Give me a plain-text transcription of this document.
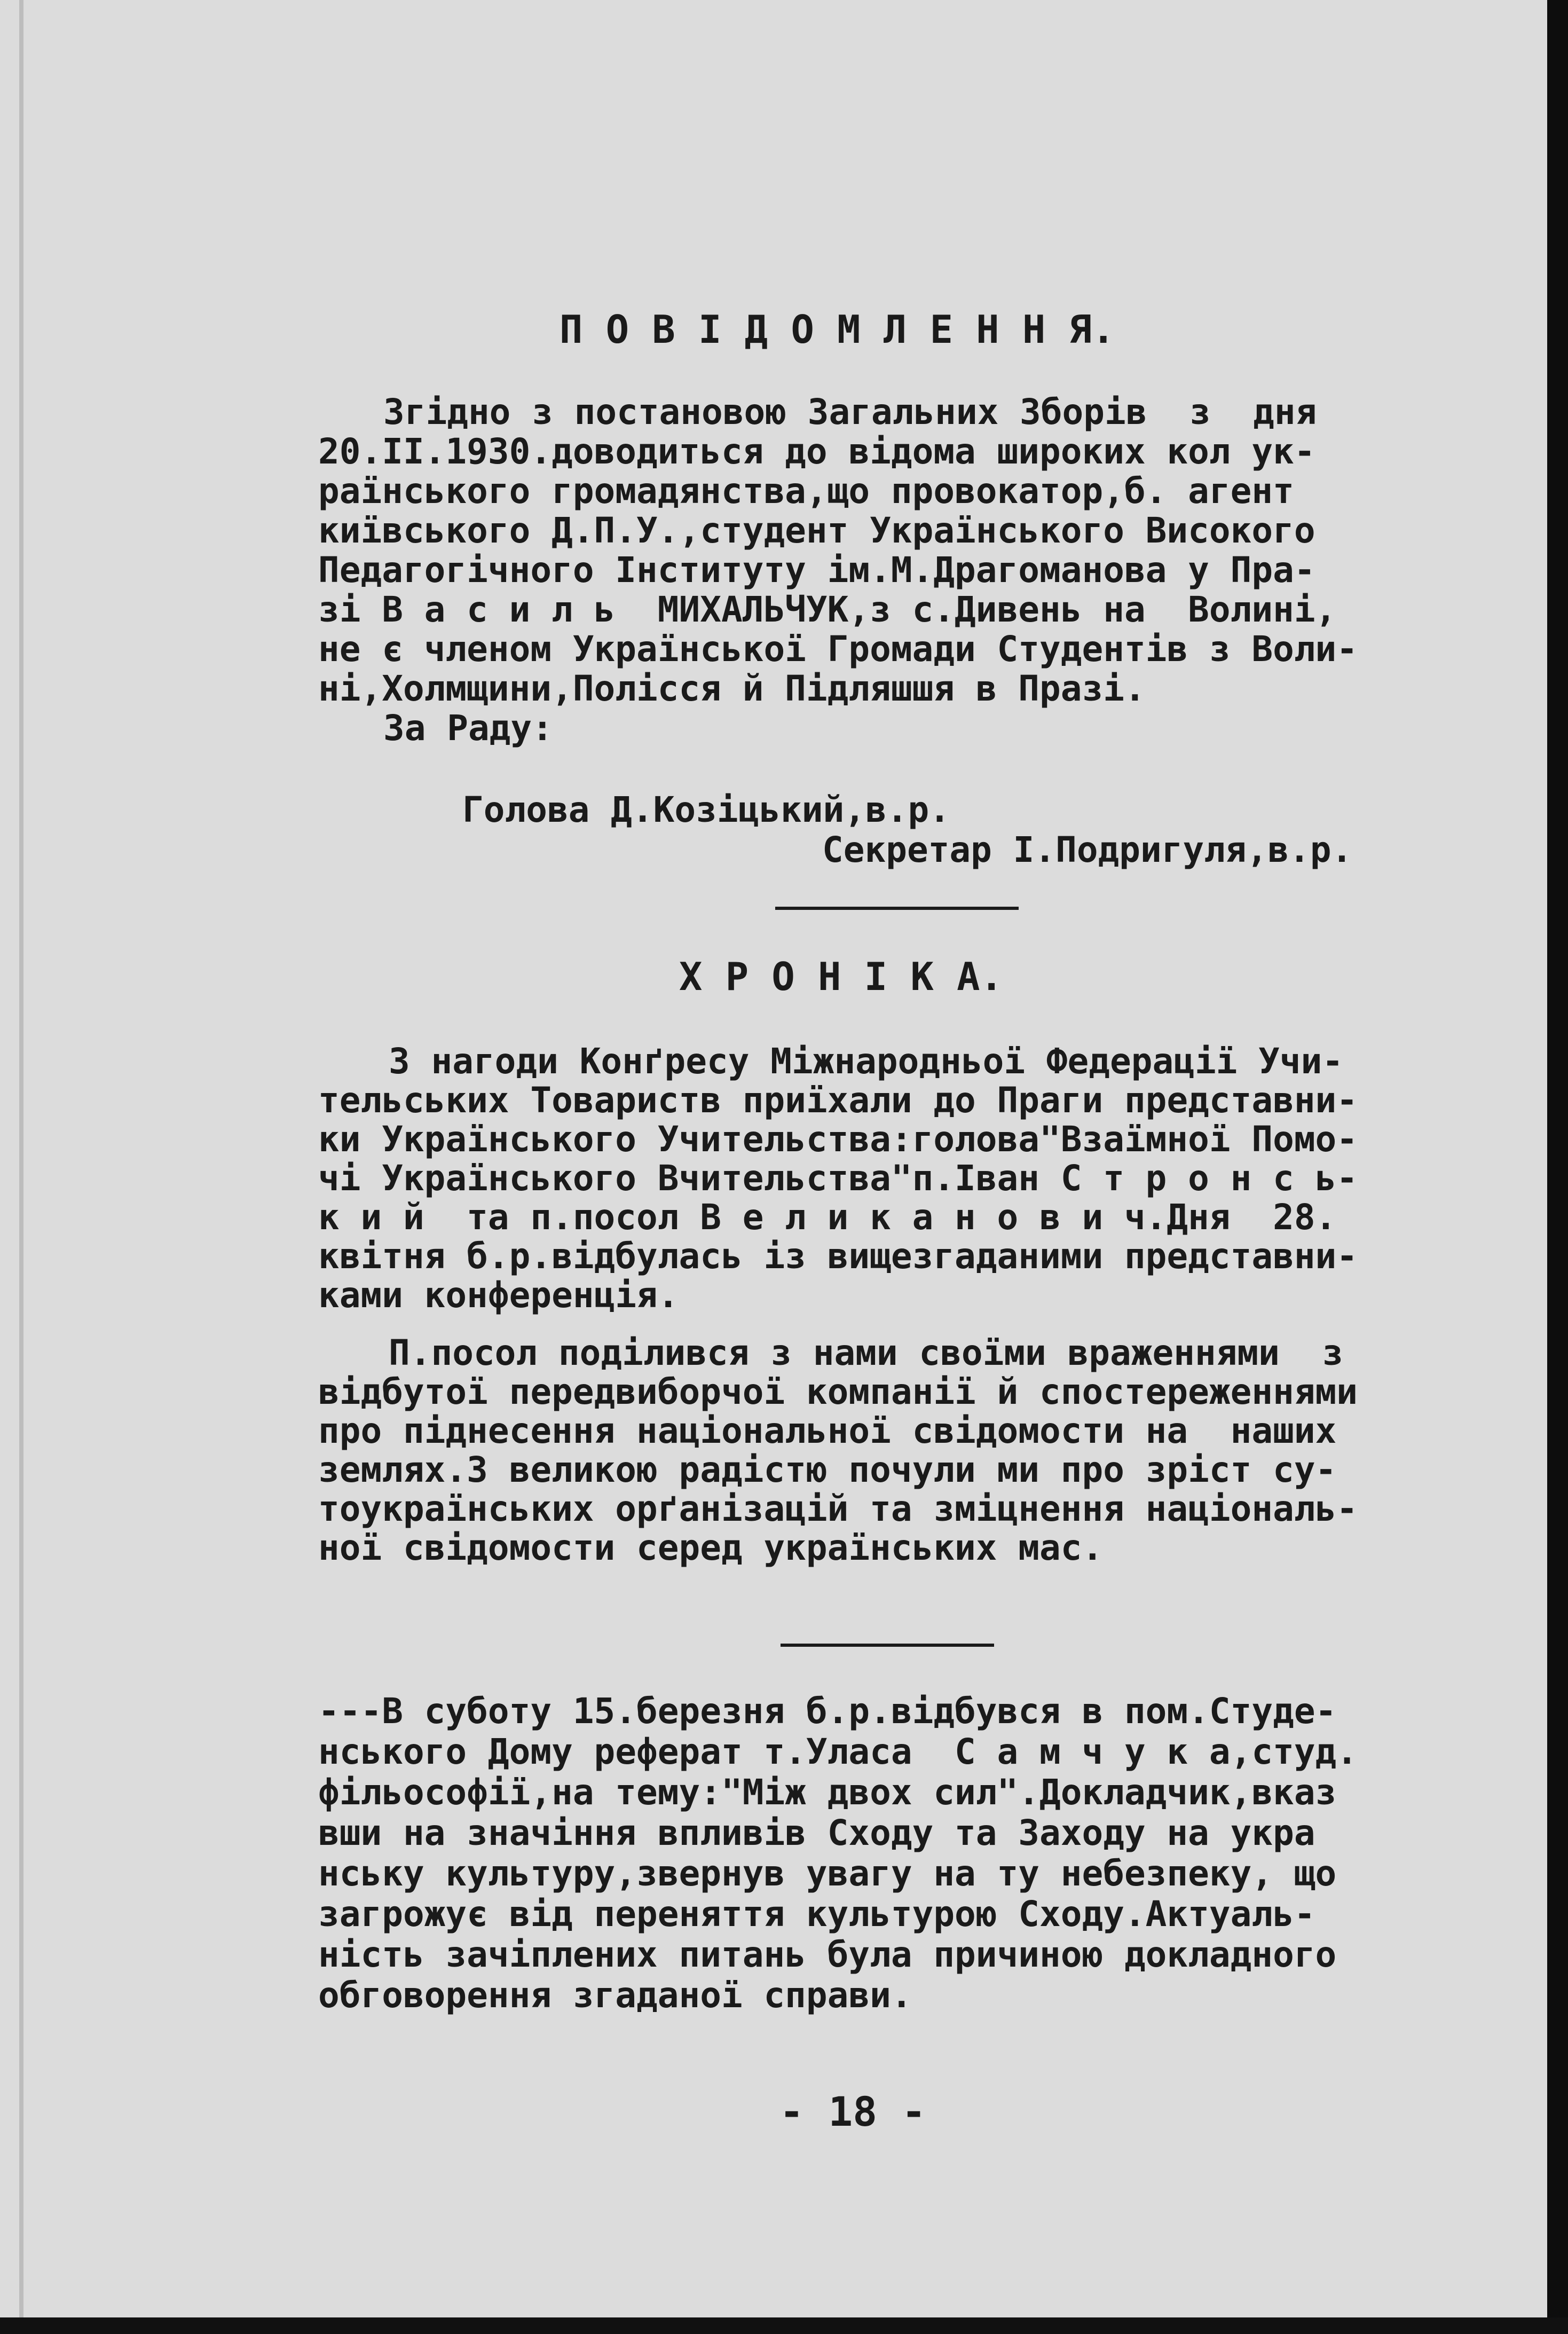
П О В І Д О М Л Е Н Н Я.
Згідно з постановою Загальних Зборів  з  дня
20.II.1930.доводиться до відома широких кол ук-
раїнського громадянства,що провокатор,б. агент
київського Д.П.У.,студент Українського Високого
Педагогічного Інституту ім.М.Драгоманова у Пра-
зі В а с и л ь  МИХАЛЬЧУК,з с.Дивень на  Волині,
не є членом Української Громади Студентів з Воли-
ні,Холмщини,Полісся й Підляшшя в Празі.
За Раду:
Голова Д.Козіцький,в.р.
Секретар І.Подригуля,в.р.
Х Р О Н І К А.
З нагоди Конґресу Міжнародньої Федерації Учи-
тельських Товариств приїхали до Праги представни-
ки Українського Учительства:голова"Взаїмної Помо-
чі Українського Вчительства"п.Іван С т р о н с ь-
к и й  та п.посол В е л и к а н о в и ч.Дня  28.
квітня б.р.відбулась із вищезгаданими представни-
ками конференція.
П.посол поділився з нами своїми враженнями  з
відбутої передвиборчої компанії й спостереженнями
про піднесення національної свідомости на  наших
землях.З великою радістю почули ми про зріст су-
тоукраїнських орґанізацій та зміцнення національ-
ної свідомости серед українських мас.
---В суботу 15.березня б.р.відбувся в пом.Студе-
нського Дому реферат т.Уласа  С а м ч у к а,студ.
фільософії,на тему:"Між двох сил".Докладчик,вказ
вши на значіння впливів Сходу та Заходу на укра
нську культуру,звернув увагу на ту небезпеку, що
загрожує від переняття культурою Сходу.Актуаль-
ність зачіплених питань була причиною докладного
обговорення згаданої справи.
- 18 -
